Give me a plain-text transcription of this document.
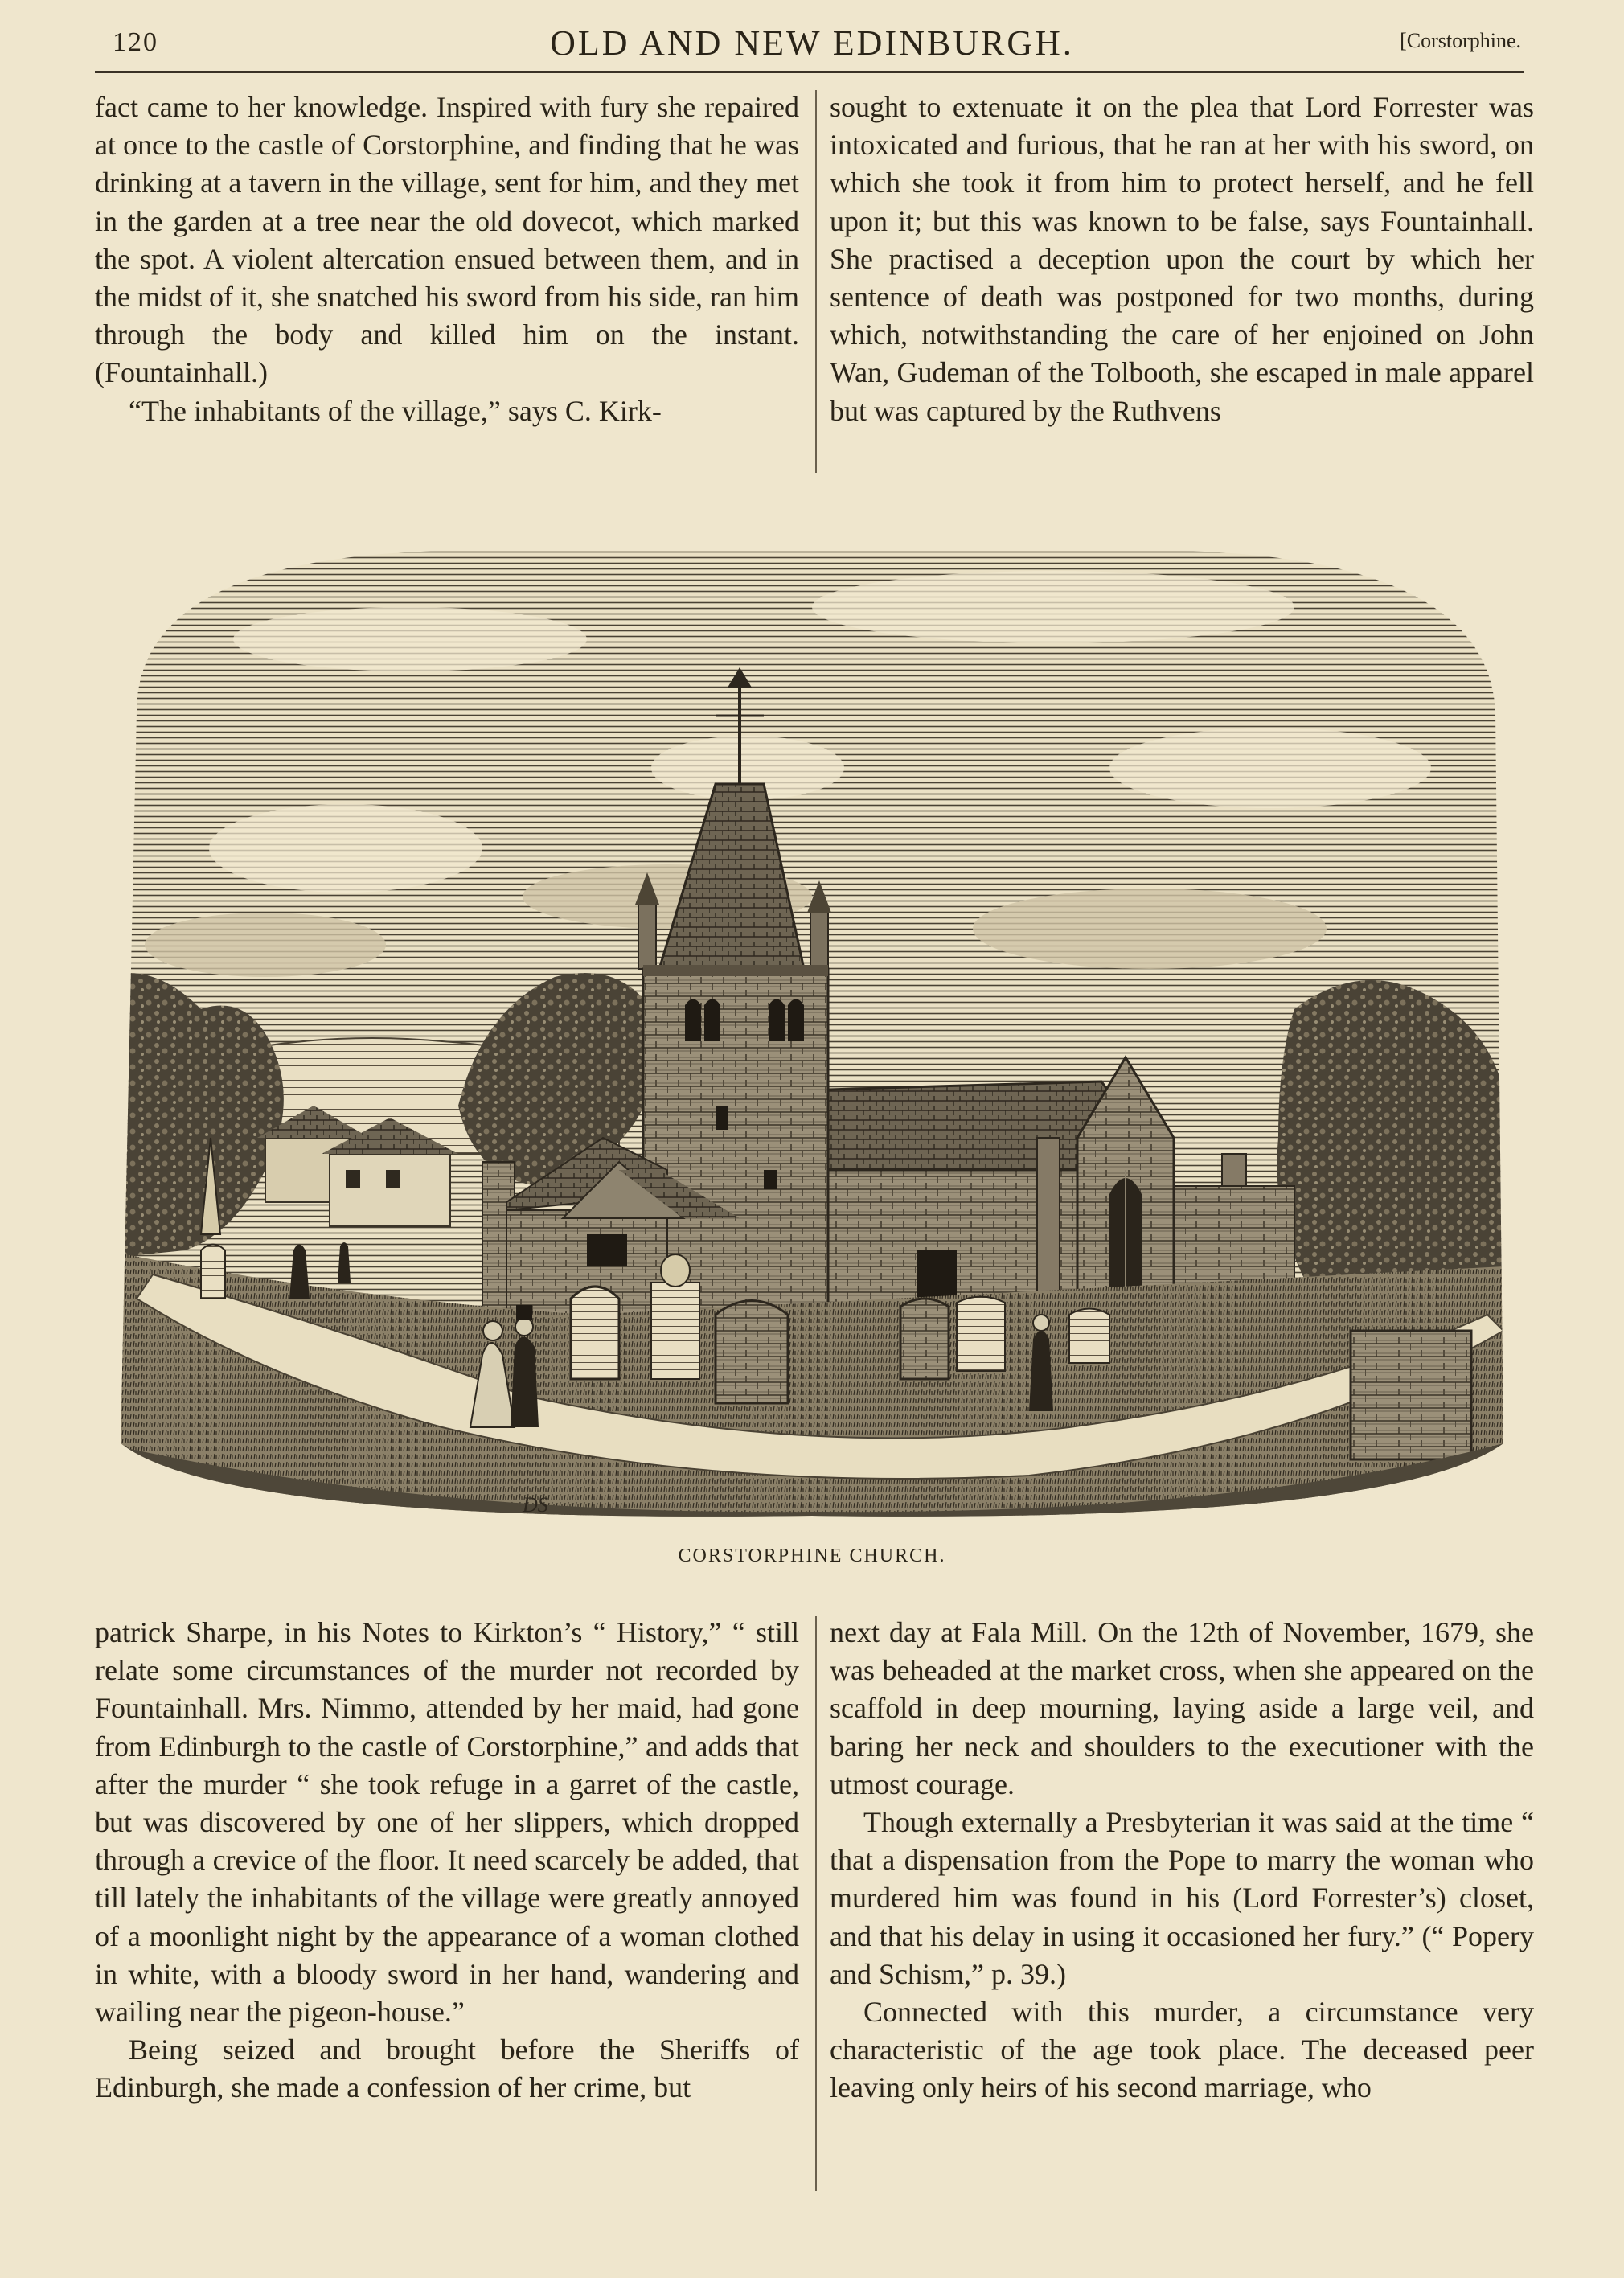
120	OLD AND NEW EDINBURGH.	[Corstorphine.

fact came to her knowledge. Inspired with fury she repaired at once to the castle of Corstorphine, and finding that he was drinking at a tavern in the village, sent for him, and they met in the garden at a tree near the old dovecot, which marked the spot. A violent altercation ensued between them, and in the midst of it, she snatched his sword from his side, ran him through the body and killed him on the instant. (Fountainhall.)

“The inhabitants of the village,” says C. Kirk-

sought to extenuate it on the plea that Lord Forrester was intoxicated and furious, that he ran at her with his sword, on which she took it from him to protect herself, and he fell upon it; but this was known to be false, says Fountainhall. She practised a deception upon the court by which her sentence of death was postponed for two months, during which, notwithstanding the care of her enjoined on John Wan, Gudeman of the Tolbooth, she escaped in male apparel but was captured by the Ruthvens

DS
CORSTORPHINE CHURCH.

patrick Sharpe, in his Notes to Kirkton’s “ History,” “ still relate some circumstances of the murder not recorded by Fountainhall. Mrs. Nimmo, attended by her maid, had gone from Edinburgh to the castle of Corstorphine,” and adds that after the murder “ she took refuge in a garret of the castle, but was discovered by one of her slippers, which dropped through a crevice of the floor. It need scarcely be added, that till lately the inhabitants of the village were greatly annoyed of a moonlight night by the appearance of a woman clothed in white, with a bloody sword in her hand, wandering and wailing near the pigeon-house.”

Being seized and brought before the Sheriffs of Edinburgh, she made a confession of her crime, but

next day at Fala Mill. On the 12th of November, 1679, she was beheaded at the market cross, when she appeared on the scaffold in deep mourning, laying aside a large veil, and baring her neck and shoulders to the executioner with the utmost courage.

Though externally a Presbyterian it was said at the time “ that a dispensation from the Pope to marry the woman who murdered him was found in his (Lord Forrester’s) closet, and that his delay in using it occasioned her fury.” (“ Popery and Schism,” p. 39.)

Connected with this murder, a circumstance very characteristic of the age took place. The deceased peer leaving only heirs of his second marriage, who
